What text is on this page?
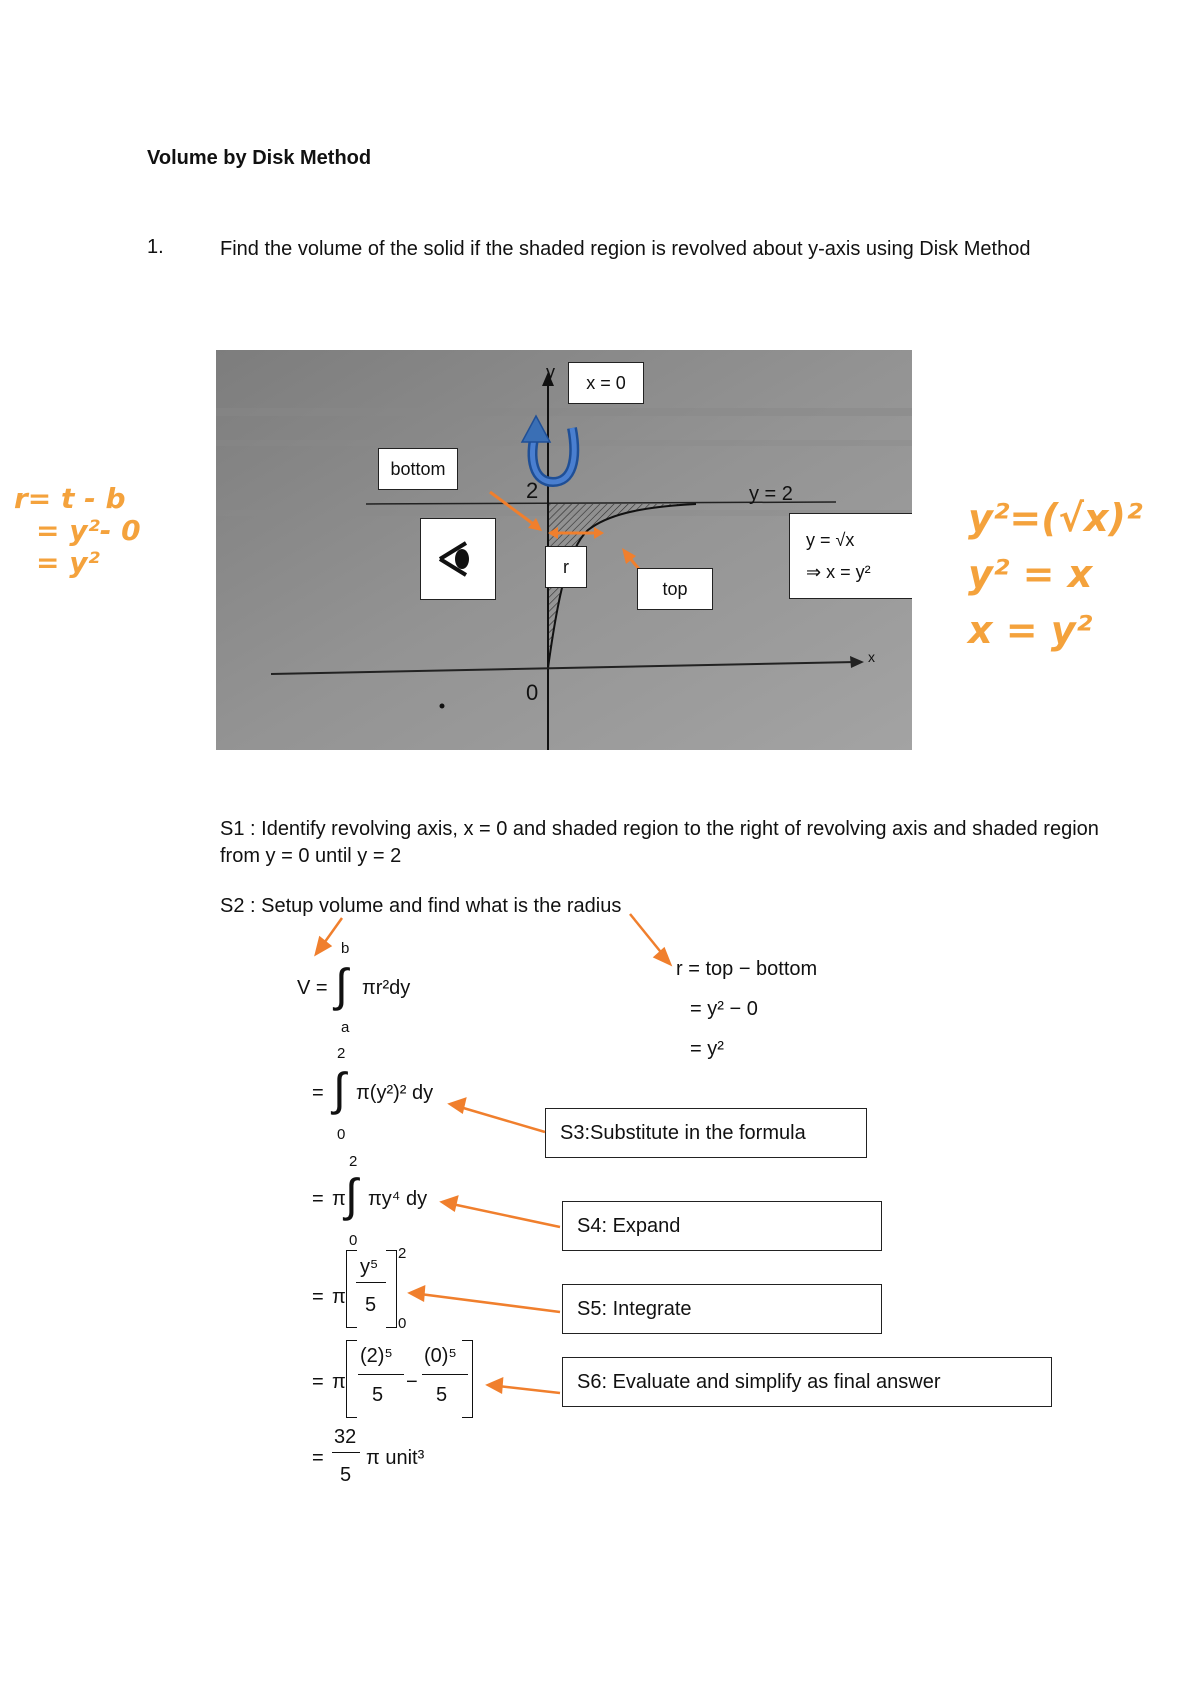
Volume by Disk Method
1.	Find the volume of the solid if the shaded region is revolved about y-axis using Disk Method
y
x
2
0
y = 2
x = 0
bottom
r
top
y = √x
⇒ x = y²
r= t - b
= y²- 0
= y²
y²=(√x)²
y² = x
x = y²
S1 : Identify revolving axis, x = 0 and shaded region to the right of revolving axis and shaded region from y = 0 until y = 2
S2 : Setup volume and find what is the radius
V =
b
∫
a
πr²dy
2
= ∫
0
π(y²)² dy
2
= π ∫
0
πy⁴ dy
= π
y⁵
5
2
0
= π
(2)⁵
5
−
(0)⁵
5
=
32
5
π unit³
r = top − bottom
= y² − 0
= y²
S3:Substitute in the formula
S4: Expand
S5: Integrate
S6: Evaluate and simplify as final answer
